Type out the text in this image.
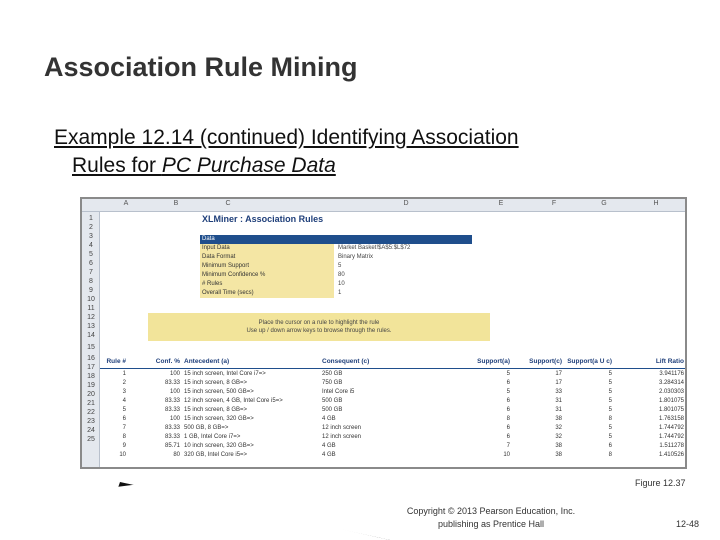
Association Rule Mining
Example 12.14 (continued) Identifying Association
Rules for PC Purchase Data
A	B	C	D	E	F	G	H
1
2
3
4
5
6
7
8
9
10
11
12
13
14
15
16
17
18
19
20
21
22
23
24
25
XLMiner : Association Rules
Data
Input Data	Market Basket!$A$5:$L$72
Data Format	Binary Matrix
Minimum Support	5
Minimum Confidence %	80
# Rules	10
Overall Time (secs)	1
Place the cursor on a rule to highlight the rule
Use up / down arrow keys to browse through the rules.
Rule #	Conf. % Antecedent (a)	Consequent (c)	Support(a)	Support(c) Support(a U c)	Lift Ratio
1	100 15 inch screen, Intel Core i7=>	250 GB	5	17	5	3.941176
2	83.33 15 inch screen, 8 GB=>	750 GB	6	17	5	3.284314
3	100 15 inch screen, 500 GB=>	Intel Core i5	5	33	5	2.030303
4	83.33 12 inch screen, 4 GB, Intel Core i5=>	500 GB	6	31	5	1.801075
5	83.33 15 inch screen, 8 GB=>	500 GB	6	31	5	1.801075
6	100 15 inch screen, 320 GB=>	4 GB	8	38	8	1.763158
7	83.33 500 GB, 8 GB=>	12 inch screen	6	32	5	1.744792
8	83.33 1 GB, Intel Core i7=>	12 inch screen	6	32	5	1.744792
9	85.71 10 inch screen, 320 GB=>	4 GB	7	38	6	1.511278
10	80 320 GB, Intel Core i5=>	4 GB	10	38	8	1.410526
Figure 12.37
Copyright © 2013 Pearson Education, Inc.
publishing as Prentice Hall	12-48
